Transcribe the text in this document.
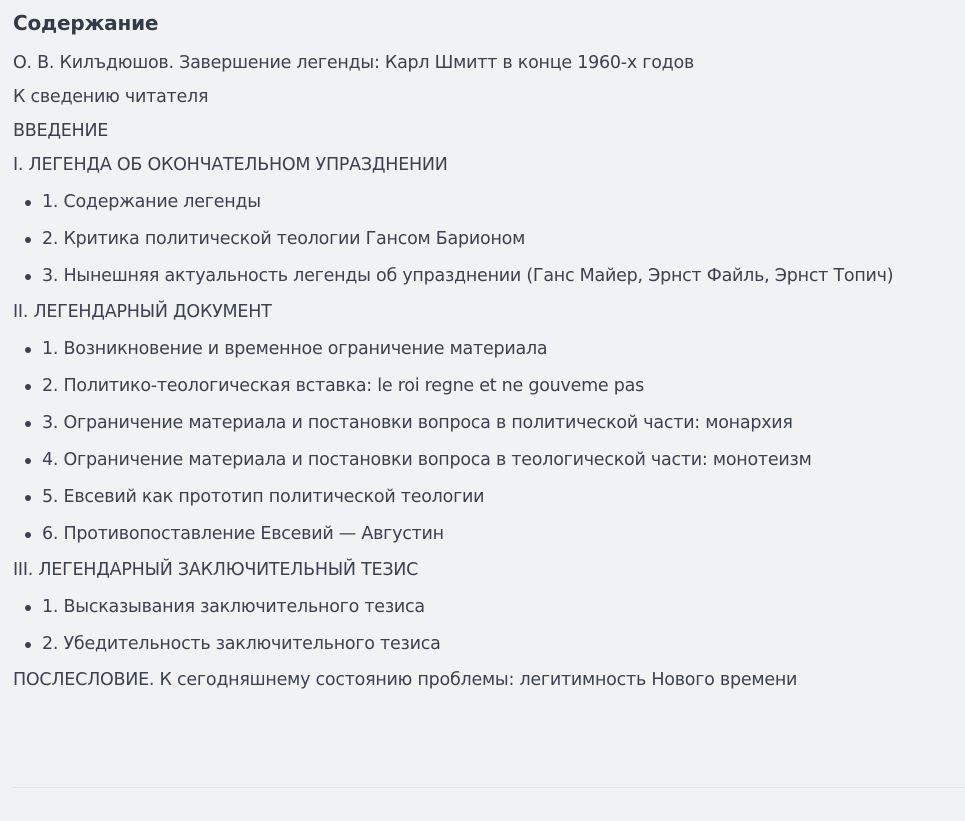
Содержание
О. В. Килъдюшов. Завершение легенды: Карл Шмитт в конце 1960-х годов
К сведению читателя
ВВЕДЕНИЕ
I. ЛЕГЕНДА ОБ ОКОНЧАТЕЛЬНОМ УПРАЗДНЕНИИ
1. Содержание легенды
2. Критика политической теологии Гансом Барионом
3. Нынешняя актуальность легенды об упразднении (Ганс Майер, Эрнст Файль, Эрнст Топич)
II. ЛЕГЕНДАРНЫЙ ДОКУМЕНТ
1. Возникновение и временное ограничение материала
2. Политико-теологическая вставка: le roi regne et ne gouveme pas
3. Ограничение материала и постановки вопроса в политической части: монархия
4. Ограничение материала и постановки вопроса в теологической части: монотеизм
5. Евсевий как прототип политической теологии
6. Противопоставление Евсевий — Августин
III. ЛЕГЕНДАРНЫЙ ЗАКЛЮЧИТЕЛЬНЫЙ ТЕЗИС
1. Высказывания заключительного тезиса
2. Убедительность заключительного тезиса
ПОСЛЕСЛОВИЕ. К сегодняшнему состоянию проблемы: легитимность Нового времени
